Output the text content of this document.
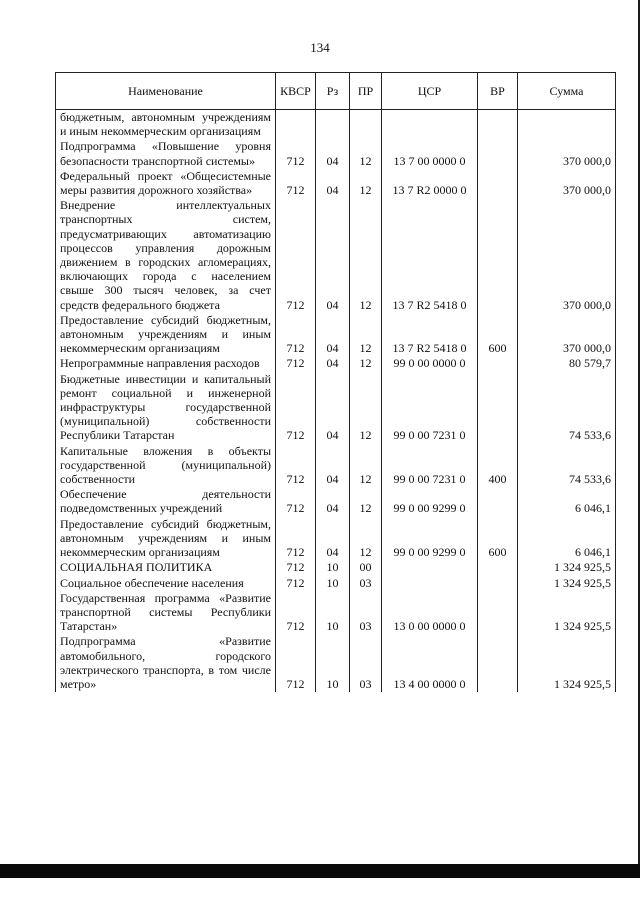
134
Наименование	КВСР	Рз	ПР	ЦСР	ВР	Сумма
бюджетным, автономным учреждениям и иным некоммерческим организациям						
Подпрограмма «Повышение уровня безопасности транспортной системы»	712	04	12	13 7 00 0000 0		370 000,0
Федеральный проект «Общесистемные меры развития дорожного хозяйства»	712	04	12	13 7 R2 0000 0		370 000,0
Внедрение интеллектуальных транспортных систем, предусматривающих автоматизацию процессов управления дорожным движением в городских агломерациях, включающих города с населением свыше 300 тысяч человек, за счет средств федерального бюджета	712	04	12	13 7 R2 5418 0		370 000,0
Предоставление субсидий бюджетным, автономным учреждениям и иным некоммерческим организациям	712	04	12	13 7 R2 5418 0	600	370 000,0
Непрограммные направления расходов	712	04	12	99 0 00 0000 0		80 579,7
Бюджетные инвестиции и капитальный ремонт социальной и инженерной инфраструктуры государственной (муниципальной) собственности Республики Татарстан	712	04	12	99 0 00 7231 0		74 533,6
Капитальные вложения в объекты государственной (муниципальной) собственности	712	04	12	99 0 00 7231 0	400	74 533,6
Обеспечение деятельности подведомственных учреждений	712	04	12	99 0 00 9299 0		6 046,1
Предоставление субсидий бюджетным, автономным учреждениям и иным некоммерческим организациям	712	04	12	99 0 00 9299 0	600	6 046,1
СОЦИАЛЬНАЯ ПОЛИТИКА	712	10	00			1 324 925,5
Социальное обеспечение населения	712	10	03			1 324 925,5
Государственная программа «Развитие транспортной системы Республики Татарстан»	712	10	03	13 0 00 0000 0		1 324 925,5
Подпрограмма «Развитие автомобильного, городского электрического транспорта, в том числе метро»	712	10	03	13 4 00 0000 0		1 324 925,5
